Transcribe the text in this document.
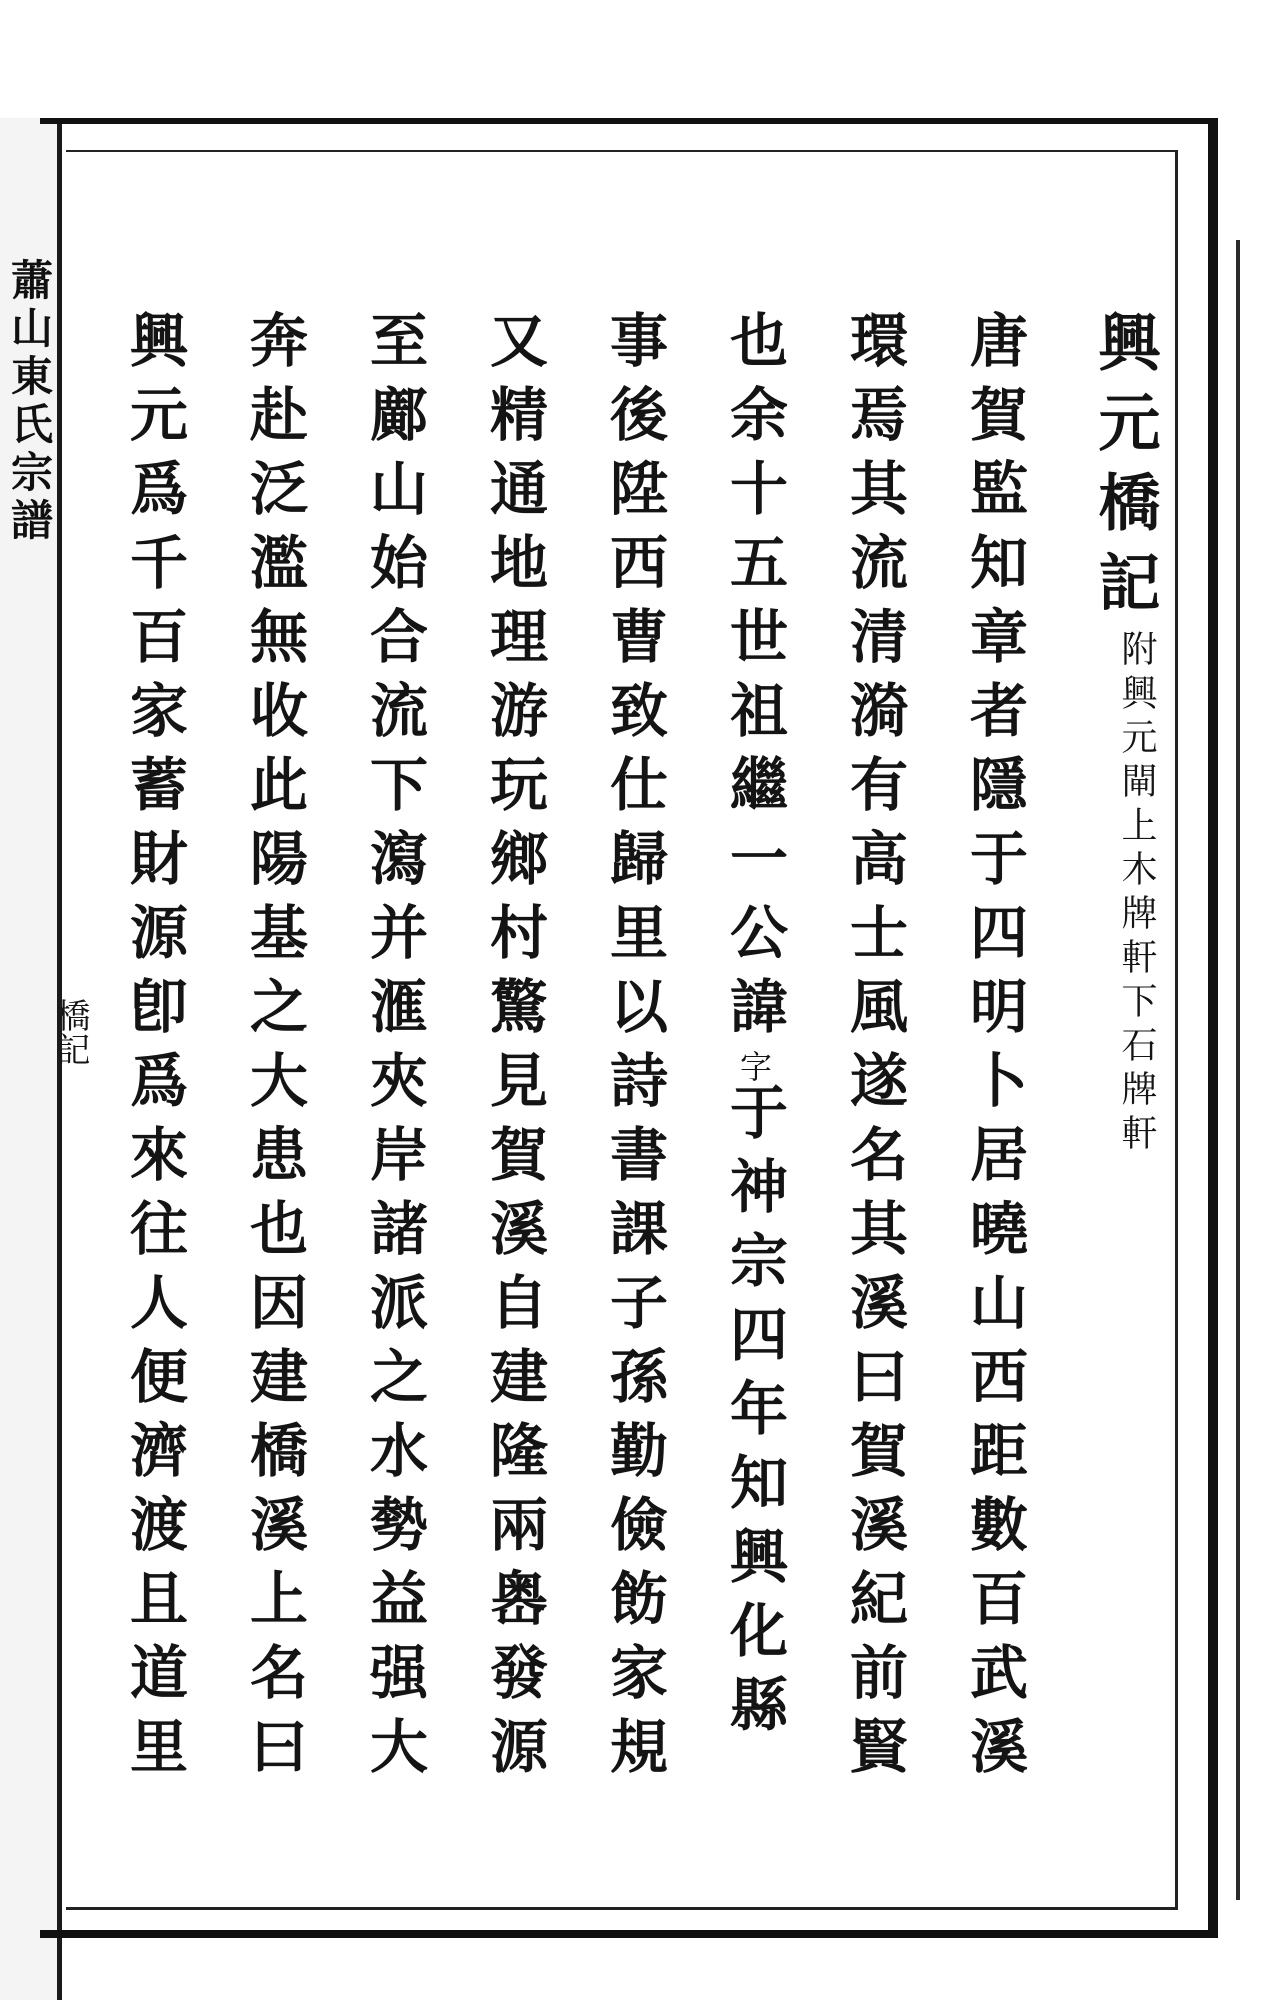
蕭山東氏宗譜
橋記
興元橋記
附興元閘上木牌軒下石牌軒
唐賀監知章者隱于四明卜居曉山西距數百武溪
環焉其流清漪有高士風遂名其溪曰賀溪紀前賢
也余十五世祖繼一公諱字于神宗四年知興化縣
事後陞西曹致仕歸里以詩書課子孫勤儉飭家規
又精通地理游玩鄉村驚見賀溪自建隆兩嶴發源
至鄺山始合流下瀉并滙夾岸諸派之水勢益强大
奔赴泛濫無收此陽基之大患也因建橋溪上名曰
興元爲千百家蓄財源卽爲來往人便濟渡且道里
